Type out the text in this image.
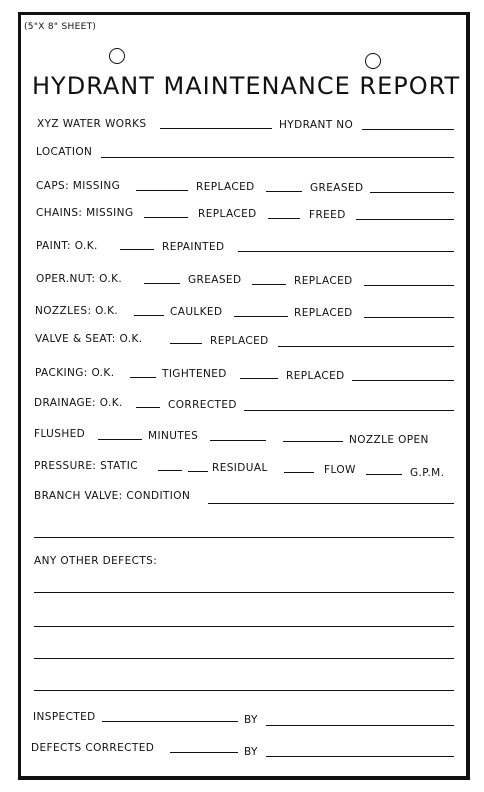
(5"X 8" SHEET)
HYDRANT MAINTENANCE REPORT
XYZ WATER WORKS	HYDRANT NO
LOCATION
CAPS: MISSING	REPLACED	GREASED
CHAINS: MISSING	REPLACED	FREED
PAINT: O.K.	REPAINTED
OPER.NUT: O.K.	GREASED	REPLACED
NOZZLES: O.K.	CAULKED	REPLACED
VALVE & SEAT: O.K.	REPLACED
PACKING: O.K.	TIGHTENED	REPLACED
DRAINAGE: O.K.	CORRECTED
FLUSHED	MINUTES	NOZZLE OPEN
PRESSURE: STATIC	RESIDUAL	FLOW	G.P.M.
BRANCH VALVE: CONDITION
ANY OTHER DEFECTS:
INSPECTED	BY
DEFECTS CORRECTED	BY
